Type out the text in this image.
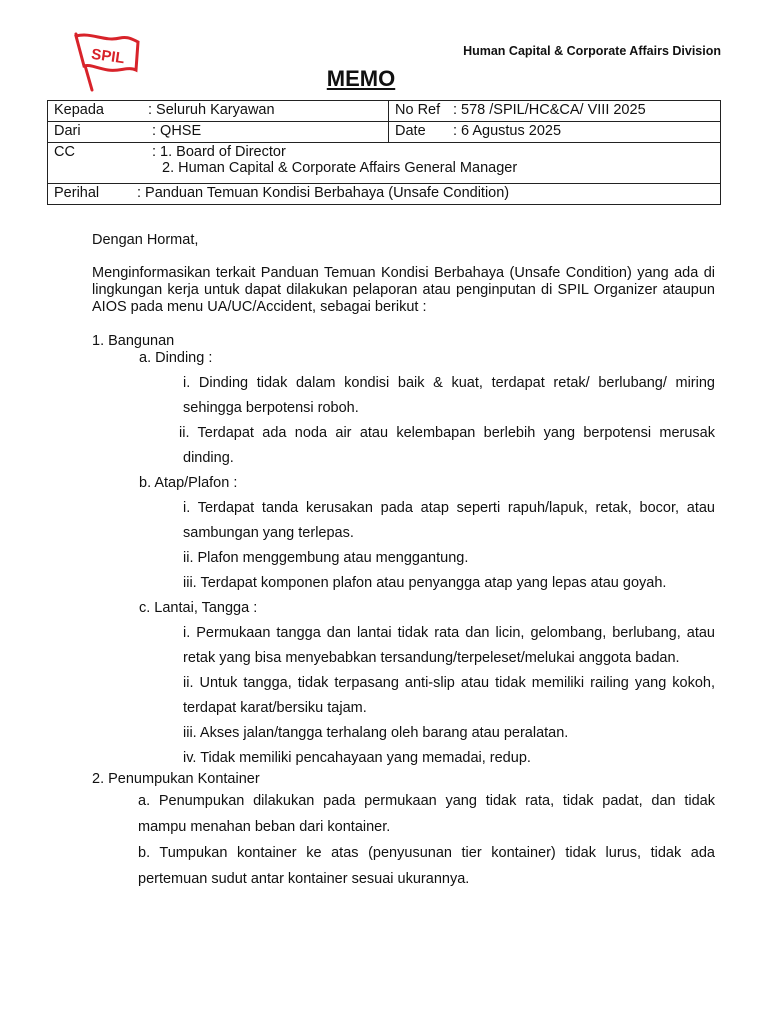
SPIL	Human Capital & Corporate Affairs Division
MEMO
Kepada : Seluruh Karyawan	No Ref : 578 /SPIL/HC&CA/ VIII 2025
Dari : QHSE	Date : 6 Agustus 2025
CC : 1. Board of Director
2. Human Capital & Corporate Affairs General Manager	
Perihal : Panduan Temuan Kondisi Berbahaya (Unsafe Condition)	

Dengan Hormat,

Menginformasikan terkait Panduan Temuan Kondisi Berbahaya (Unsafe Condition) yang ada di lingkungan kerja untuk dapat dilakukan pelaporan atau penginputan di SPIL Organizer ataupun AIOS pada menu UA/UC/Accident, sebagai berikut :

1. Bangunan

a. Dinding :

i. Dinding tidak dalam kondisi baik & kuat, terdapat retak/ berlubang/ miring sehingga berpotensi roboh.

ii. Terdapat ada noda air atau kelembapan berlebih yang berpotensi merusak dinding.

b. Atap/Plafon :

i. Terdapat tanda kerusakan pada atap seperti rapuh/lapuk, retak, bocor, atau sambungan yang terlepas.

ii. Plafon menggembung atau menggantung.

iii. Terdapat komponen plafon atau penyangga atap yang lepas atau goyah.

c. Lantai, Tangga :

i. Permukaan tangga dan lantai tidak rata dan licin, gelombang, berlubang, atau retak yang bisa menyebabkan tersandung/terpeleset/melukai anggota badan.

ii. Untuk tangga, tidak terpasang anti-slip atau tidak memiliki railing yang kokoh, terdapat karat/bersiku tajam.

iii. Akses jalan/tangga terhalang oleh barang atau peralatan.

iv. Tidak memiliki pencahayaan yang memadai, redup.

2. Penumpukan Kontainer

a. Penumpukan dilakukan pada permukaan yang tidak rata, tidak padat, dan tidak mampu menahan beban dari kontainer.

b. Tumpukan kontainer ke atas (penyusunan tier kontainer) tidak lurus, tidak ada pertemuan sudut antar kontainer sesuai ukurannya.
